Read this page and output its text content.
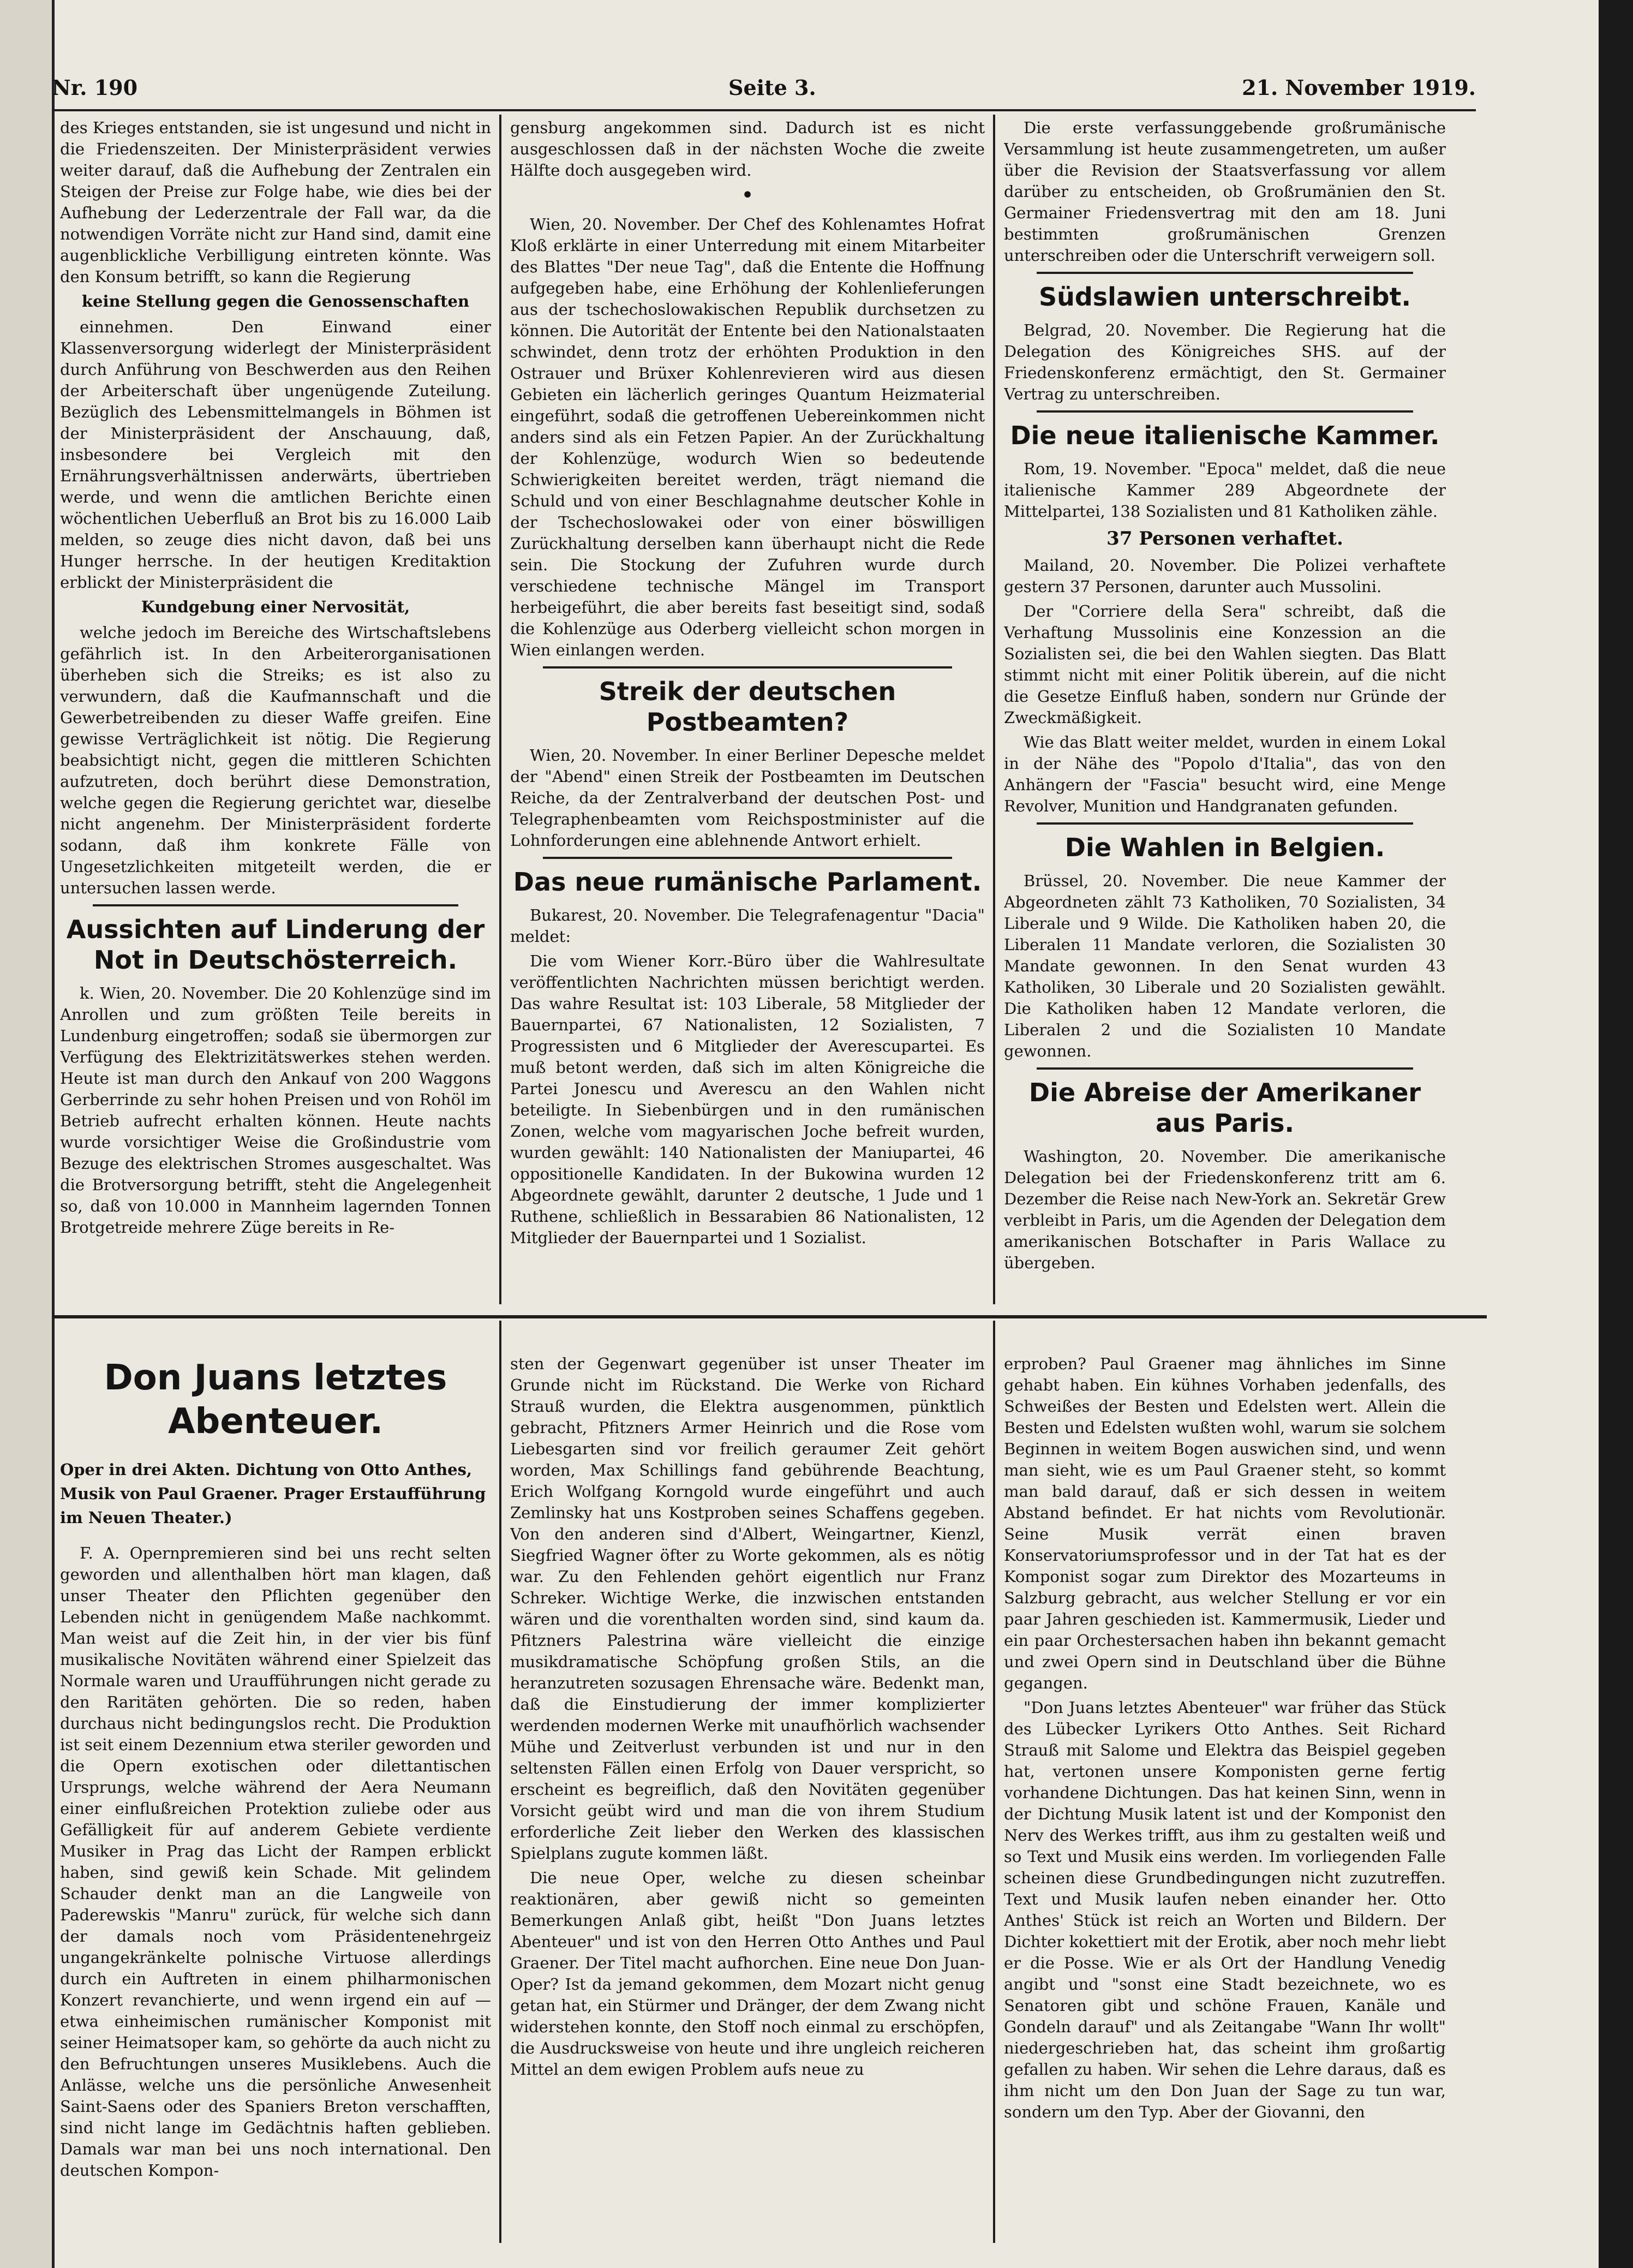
Nr. 190	Seite 3.	21. November 1919.

des Krieges entstanden, sie ist ungesund und nicht in die Friedenszeiten. Der Ministerpräsident verwies weiter darauf, daß die Aufhebung der Zentralen ein Steigen der Preise zur Folge habe, wie dies bei der Aufhebung der Lederzentrale der Fall war, da die notwendigen Vorräte nicht zur Hand sind, damit eine augenblickliche Verbilligung eintreten könnte. Was den Konsum betrifft, so kann die Regierung

keine Stellung gegen die Genossenschaften

einnehmen. Den Einwand einer Klassenversorgung widerlegt der Ministerpräsident durch Anführung von Beschwerden aus den Reihen der Arbeiterschaft über ungenügende Zuteilung. Bezüglich des Lebensmittelmangels in Böhmen ist der Ministerpräsident der Anschauung, daß, insbesondere bei Vergleich mit den Ernährungsverhältnissen anderwärts, übertrieben werde, und wenn die amtlichen Berichte einen wöchentlichen Ueberfluß an Brot bis zu 16.000 Laib melden, so zeuge dies nicht davon, daß bei uns Hunger herrsche. In der heutigen Kreditaktion erblickt der Ministerpräsident die

Kundgebung einer Nervosität,

welche jedoch im Bereiche des Wirtschaftslebens gefährlich ist. In den Arbeiterorganisationen überheben sich die Streiks; es ist also zu verwundern, daß die Kaufmannschaft und die Gewerbetreibenden zu dieser Waffe greifen. Eine gewisse Verträglichkeit ist nötig. Die Regierung beabsichtigt nicht, gegen die mittleren Schichten aufzutreten, doch berührt diese Demonstration, welche gegen die Regierung gerichtet war, dieselbe nicht angenehm. Der Ministerpräsident forderte sodann, daß ihm konkrete Fälle von Ungesetzlichkeiten mitgeteilt werden, die er untersuchen lassen werde.

Aussichten auf Linderung der Not in Deutschösterreich.

k. Wien, 20. November. Die 20 Kohlenzüge sind im Anrollen und zum größten Teile bereits in Lundenburg eingetroffen; sodaß sie übermorgen zur Verfügung des Elektrizitätswerkes stehen werden. Heute ist man durch den Ankauf von 200 Waggons Gerberrinde zu sehr hohen Preisen und von Rohöl im Betrieb aufrecht erhalten können. Heute nachts wurde vorsichtiger Weise die Großindustrie vom Bezuge des elektrischen Stromes ausgeschaltet. Was die Brotversorgung betrifft, steht die Angelegenheit so, daß von 10.000 in Mannheim lagernden Tonnen Brotgetreide mehrere Züge bereits in Re-

gensburg angekommen sind. Dadurch ist es nicht ausgeschlossen daß in der nächsten Woche die zweite Hälfte doch ausgegeben wird.

•

Wien, 20. November. Der Chef des Kohlenamtes Hofrat Kloß erklärte in einer Unterredung mit einem Mitarbeiter des Blattes "Der neue Tag", daß die Entente die Hoffnung aufgegeben habe, eine Erhöhung der Kohlenlieferungen aus der tschechoslowakischen Republik durchsetzen zu können. Die Autorität der Entente bei den Nationalstaaten schwindet, denn trotz der erhöhten Produktion in den Ostrauer und Brüxer Kohlenrevieren wird aus diesen Gebieten ein lächerlich geringes Quantum Heizmaterial eingeführt, sodaß die getroffenen Uebereinkommen nicht anders sind als ein Fetzen Papier. An der Zurückhaltung der Kohlenzüge, wodurch Wien so bedeutende Schwierigkeiten bereitet werden, trägt niemand die Schuld und von einer Beschlagnahme deutscher Kohle in der Tschechoslowakei oder von einer böswilligen Zurückhaltung derselben kann überhaupt nicht die Rede sein. Die Stockung der Zufuhren wurde durch verschiedene technische Mängel im Transport herbeigeführt, die aber bereits fast beseitigt sind, sodaß die Kohlenzüge aus Oderberg vielleicht schon morgen in Wien einlangen werden.

Streik der deutschen Postbeamten?

Wien, 20. November. In einer Berliner Depesche meldet der "Abend" einen Streik der Postbeamten im Deutschen Reiche, da der Zentralverband der deutschen Post- und Telegraphenbeamten vom Reichspostminister auf die Lohnforderungen eine ablehnende Antwort erhielt.

Das neue rumänische Parlament.

Bukarest, 20. November. Die Telegrafenagentur "Dacia" meldet:

Die vom Wiener Korr.-Büro über die Wahlresultate veröffentlichten Nachrichten müssen berichtigt werden. Das wahre Resultat ist: 103 Liberale, 58 Mitglieder der Bauernpartei, 67 Nationalisten, 12 Sozialisten, 7 Progressisten und 6 Mitglieder der Averescupartei. Es muß betont werden, daß sich im alten Königreiche die Partei Jonescu und Averescu an den Wahlen nicht beteiligte. In Siebenbürgen und in den rumänischen Zonen, welche vom magyarischen Joche befreit wurden, wurden gewählt: 140 Nationalisten der Maniupartei, 46 oppositionelle Kandidaten. In der Bukowina wurden 12 Abgeordnete gewählt, darunter 2 deutsche, 1 Jude und 1 Ruthene, schließlich in Bessarabien 86 Nationalisten, 12 Mitglieder der Bauernpartei und 1 Sozialist.

Die erste verfassunggebende großrumänische Versammlung ist heute zusammengetreten, um außer über die Revision der Staatsverfassung vor allem darüber zu entscheiden, ob Großrumänien den St. Germainer Friedensvertrag mit den am 18. Juni bestimmten großrumänischen Grenzen unterschreiben oder die Unterschrift verweigern soll.

Südslawien unterschreibt.

Belgrad, 20. November. Die Regierung hat die Delegation des Königreiches SHS. auf der Friedenskonferenz ermächtigt, den St. Germainer Vertrag zu unterschreiben.

Die neue italienische Kammer.

Rom, 19. November. "Epoca" meldet, daß die neue italienische Kammer 289 Abgeordnete der Mittelpartei, 138 Sozialisten und 81 Katholiken zähle.

37 Personen verhaftet.

Mailand, 20. November. Die Polizei verhaftete gestern 37 Personen, darunter auch Mussolini.

Der "Corriere della Sera" schreibt, daß die Verhaftung Mussolinis eine Konzession an die Sozialisten sei, die bei den Wahlen siegten. Das Blatt stimmt nicht mit einer Politik überein, auf die nicht die Gesetze Einfluß haben, sondern nur Gründe der Zweckmäßigkeit.

Wie das Blatt weiter meldet, wurden in einem Lokal in der Nähe des "Popolo d'Italia", das von den Anhängern der "Fascia" besucht wird, eine Menge Revolver, Munition und Handgranaten gefunden.

Die Wahlen in Belgien.

Brüssel, 20. November. Die neue Kammer der Abgeordneten zählt 73 Katholiken, 70 Sozialisten, 34 Liberale und 9 Wilde. Die Katholiken haben 20, die Liberalen 11 Mandate verloren, die Sozialisten 30 Mandate gewonnen. In den Senat wurden 43 Katholiken, 30 Liberale und 20 Sozialisten gewählt. Die Katholiken haben 12 Mandate verloren, die Liberalen 2 und die Sozialisten 10 Mandate gewonnen.

Die Abreise der Amerikaner aus Paris.

Washington, 20. November. Die amerikanische Delegation bei der Friedenskonferenz tritt am 6. Dezember die Reise nach New-York an. Sekretär Grew verbleibt in Paris, um die Agenden der Delegation dem amerikanischen Botschafter in Paris Wallace zu übergeben.

Don Juans letztes Abenteuer.

Oper in drei Akten. Dichtung von Otto Anthes, Musik von Paul Graener. Prager Erstaufführung im Neuen Theater.)

F. A. Opernpremieren sind bei uns recht selten geworden und allenthalben hört man klagen, daß unser Theater den Pflichten gegenüber den Lebenden nicht in genügendem Maße nachkommt. Man weist auf die Zeit hin, in der vier bis fünf musikalische Novitäten während einer Spielzeit das Normale waren und Uraufführungen nicht gerade zu den Raritäten gehörten. Die so reden, haben durchaus nicht bedingungslos recht. Die Produktion ist seit einem Dezennium etwa steriler geworden und die Opern exotischen oder dilettantischen Ursprungs, welche während der Aera Neumann einer einflußreichen Protektion zuliebe oder aus Gefälligkeit für auf anderem Gebiete verdiente Musiker in Prag das Licht der Rampen erblickt haben, sind gewiß kein Schade. Mit gelindem Schauder denkt man an die Langweile von Paderewskis "Manru" zurück, für welche sich dann der damals noch vom Präsidentenehrgeiz ungangekränkelte polnische Virtuose allerdings durch ein Auftreten in einem philharmonischen Konzert revanchierte, und wenn irgend ein auf — etwa einheimischen rumänischer Komponist mit seiner Heimatsoper kam, so gehörte da auch nicht zu den Befruchtungen unseres Musiklebens. Auch die Anlässe, welche uns die persönliche Anwesenheit Saint-Saens oder des Spaniers Breton verschafften, sind nicht lange im Gedächtnis haften geblieben. Damals war man bei uns noch international. Den deutschen Kompon-

sten der Gegenwart gegenüber ist unser Theater im Grunde nicht im Rückstand. Die Werke von Richard Strauß wurden, die Elektra ausgenommen, pünktlich gebracht, Pfitzners Armer Heinrich und die Rose vom Liebesgarten sind vor freilich geraumer Zeit gehört worden, Max Schillings fand gebührende Beachtung, Erich Wolfgang Korngold wurde eingeführt und auch Zemlinsky hat uns Kostproben seines Schaffens gegeben. Von den anderen sind d'Albert, Weingartner, Kienzl, Siegfried Wagner öfter zu Worte gekommen, als es nötig war. Zu den Fehlenden gehört eigentlich nur Franz Schreker. Wichtige Werke, die inzwischen entstanden wären und die vorenthalten worden sind, sind kaum da. Pfitzners Palestrina wäre vielleicht die einzige musikdramatische Schöpfung großen Stils, an die heranzutreten sozusagen Ehrensache wäre. Bedenkt man, daß die Einstudierung der immer komplizierter werdenden modernen Werke mit unaufhörlich wachsender Mühe und Zeitverlust verbunden ist und nur in den seltensten Fällen einen Erfolg von Dauer verspricht, so erscheint es begreiflich, daß den Novitäten gegenüber Vorsicht geübt wird und man die von ihrem Studium erforderliche Zeit lieber den Werken des klassischen Spielplans zugute kommen läßt.

Die neue Oper, welche zu diesen scheinbar reaktionären, aber gewiß nicht so gemeinten Bemerkungen Anlaß gibt, heißt "Don Juans letztes Abenteuer" und ist von den Herren Otto Anthes und Paul Graener. Der Titel macht aufhorchen. Eine neue Don Juan-Oper? Ist da jemand gekommen, dem Mozart nicht genug getan hat, ein Stürmer und Dränger, der dem Zwang nicht widerstehen konnte, den Stoff noch einmal zu erschöpfen, die Ausdrucksweise von heute und ihre ungleich reicheren Mittel an dem ewigen Problem aufs neue zu

erproben? Paul Graener mag ähnliches im Sinne gehabt haben. Ein kühnes Vorhaben jedenfalls, des Schweißes der Besten und Edelsten wert. Allein die Besten und Edelsten wußten wohl, warum sie solchem Beginnen in weitem Bogen auswichen sind, und wenn man sieht, wie es um Paul Graener steht, so kommt man bald darauf, daß er sich dessen in weitem Abstand befindet. Er hat nichts vom Revolutionär. Seine Musik verrät einen braven Konservatoriumsprofessor und in der Tat hat es der Komponist sogar zum Direktor des Mozarteums in Salzburg gebracht, aus welcher Stellung er vor ein paar Jahren geschieden ist. Kammermusik, Lieder und ein paar Orchestersachen haben ihn bekannt gemacht und zwei Opern sind in Deutschland über die Bühne gegangen.

"Don Juans letztes Abenteuer" war früher das Stück des Lübecker Lyrikers Otto Anthes. Seit Richard Strauß mit Salome und Elektra das Beispiel gegeben hat, vertonen unsere Komponisten gerne fertig vorhandene Dichtungen. Das hat keinen Sinn, wenn in der Dichtung Musik latent ist und der Komponist den Nerv des Werkes trifft, aus ihm zu gestalten weiß und so Text und Musik eins werden. Im vorliegenden Falle scheinen diese Grundbedingungen nicht zuzutreffen. Text und Musik laufen neben einander her. Otto Anthes' Stück ist reich an Worten und Bildern. Der Dichter kokettiert mit der Erotik, aber noch mehr liebt er die Posse. Wie er als Ort der Handlung Venedig angibt und "sonst eine Stadt bezeichnete, wo es Senatoren gibt und schöne Frauen, Kanäle und Gondeln darauf" und als Zeitangabe "Wann Ihr wollt" niedergeschrieben hat, das scheint ihm großartig gefallen zu haben. Wir sehen die Lehre daraus, daß es ihm nicht um den Don Juan der Sage zu tun war, sondern um den Typ. Aber der Giovanni, den
